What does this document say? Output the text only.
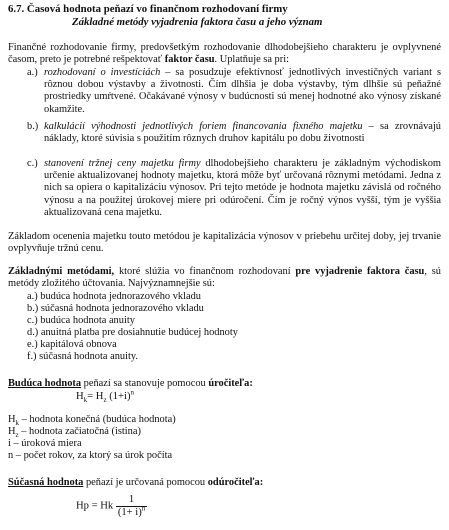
6.7. Časová hodnota peňazí vo finančnom rozhodovaní firmy
Základné metódy vyjadrenia faktora času a jeho význam
Finančné rozhodovanie firmy, predovšetkým rozhodovanie dlhodobejšieho charakteru je ovplyvnené časom, preto je potrebné rešpektovať faktor času. Uplatňuje sa pri:
a.) rozhodovaní o investíciách – sa posudzuje efektívnosť jednotlivých investičných variant s rôznou dobou výstavby a životnosti. Čím dlhšia je doba výstavby, tým dlhšie sú peňažné prostriedky umŕtvené. Očakávané výnosy v budúcnosti sú menej hodnotné ako výnosy získané okamžite.
b.) kalkulácií výhodnosti jednotlivých foriem financovania fixného majetku – sa zrovnávajú náklady, ktoré súvisia s použitím rôznych druhov kapitálu po dobu životnosti
c.) stanovení tržnej ceny majetku firmy dlhodobejšieho charakteru je základným východiskom určenie aktualizovanej hodnoty majetku, ktorá môže byť určovaná rôznymi metódami. Jedna z nich sa opiera o kapitalizáciu výnosov. Pri tejto metóde je hodnota majetku závislá od ročného výnosu a na použitej úrokovej miere pri odúročení. Čím je ročný výnos vyšší, tým je vyššia aktualizovaná cena majetku.
Základom ocenenia majetku touto metódou je kapitalizácia výnosov v priebehu určitej doby, jej trvanie ovplyvňuje tržnú cenu.
Základnými metódami, ktoré slúžia vo finančnom rozhodovaní pre vyjadrenie faktora času, sú metódy zložitého účtovania. Najvýznamnejšie sú:
a.) budúca hodnota jednorazového vkladu
b.) súčasná hodnota jednorazového vkladu
c.) budúca hodnota anuity
d.) anuitná platba pre dosiahnutie budúcej hodnoty
e.) kapitálová obnova
f.) súčasná hodnota anuity.
Budúca hodnota peňazí sa stanovuje pomocou úročiteľa:
$H_k= H_z$ $(1+i)^n$
$H_k$ – hodnota konečná (budúca hodnota)
$H_z$ – hodnota začiatočná (istina)
i – úroková miera
n – počet rokov, za ktorý sa úrok počíta
Súčasná hodnota peňazí je určovaná pomocou odúročiteľa:
Hp = Hk $\frac{1}{(1+ i)^n}$
